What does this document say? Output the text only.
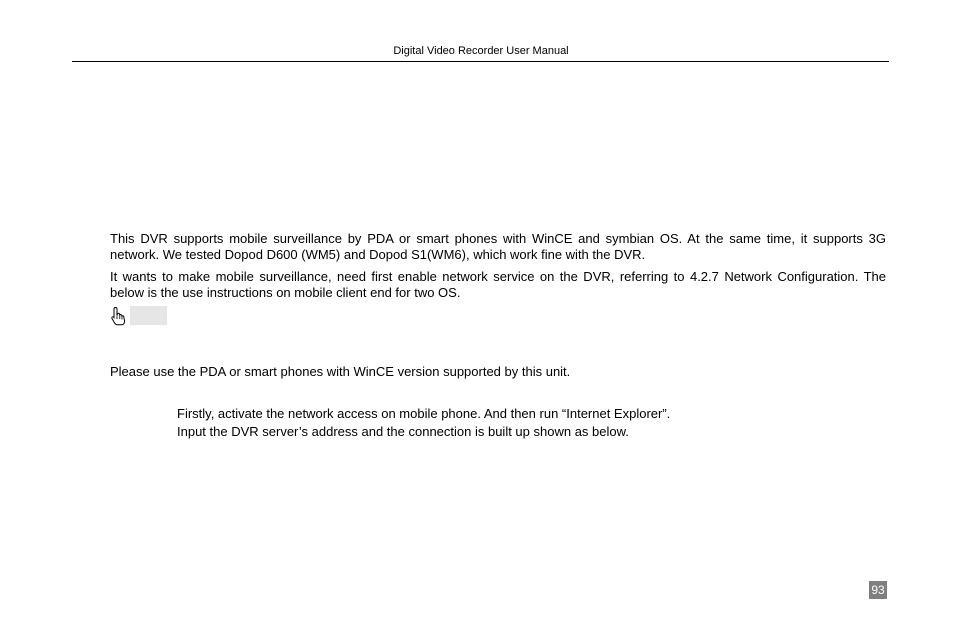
Digital Video Recorder User Manual

This DVR supports mobile surveillance by PDA or smart phones with WinCE and symbian OS. At the same time, it supports 3G network. We tested Dopod D600 (WM5) and Dopod S1(WM6), which work fine with the DVR.

It wants to make mobile surveillance, need first enable network service on the DVR, referring to 4.2.7 Network Configuration. The below is the use instructions on mobile client end for two OS.

Please use the PDA or smart phones with WinCE version supported by this unit.

Firstly, activate the network access on mobile phone. And then run “Internet Explorer”.

Input the DVR server’s address and the connection is built up shown as below.

93
